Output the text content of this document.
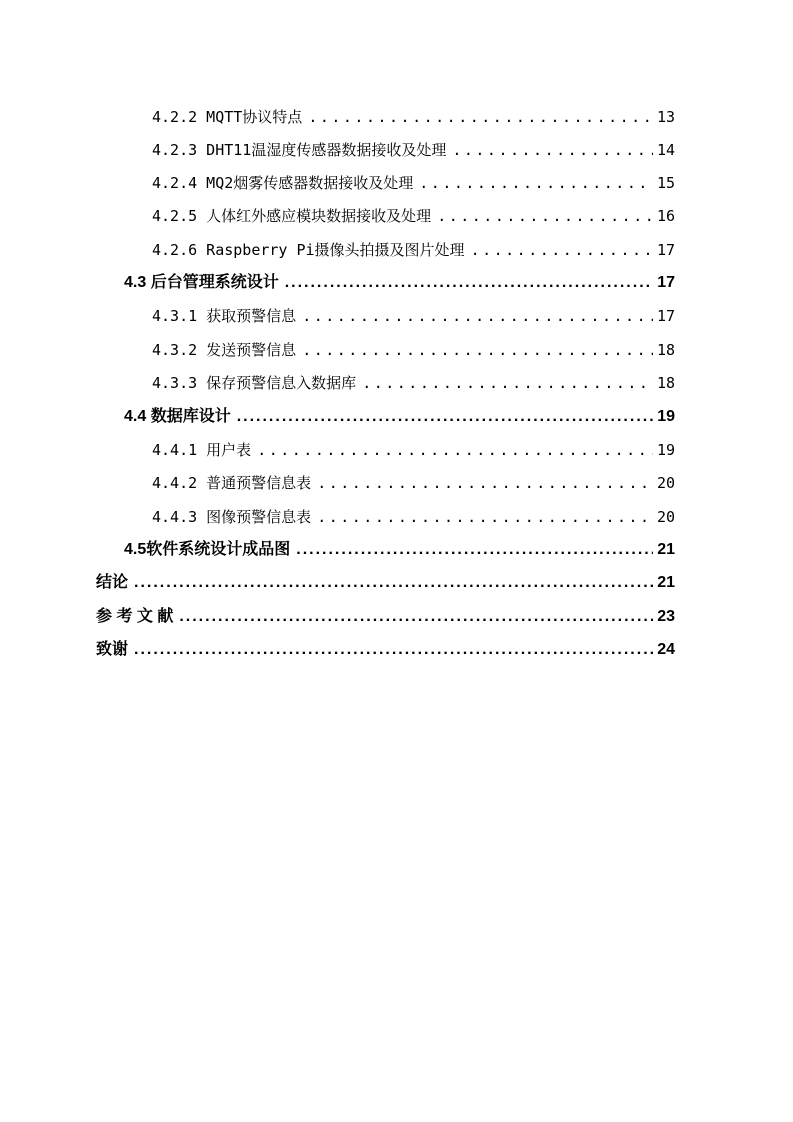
4.2.2 MQTT协议特点 .....	13
4.2.3 DHT11温湿度传感器数据接收及处理 .....	14
4.2.4 MQ2烟雾传感器数据接收及处理 .....	15
4.2.5 人体红外感应模块数据接收及处理 .....	16
4.2.6 Raspberry Pi摄像头拍摄及图片处理 .....	17
4.3 后台管理系统设计 .....	17
4.3.1 获取预警信息 .....	17
4.3.2 发送预警信息 .....	18
4.3.3 保存预警信息入数据库 .....	18
4.4 数据库设计 .....	19
4.4.1 用户表 .....	19
4.4.2 普通预警信息表 .....	20
4.4.3 图像预警信息表 .....	20
4.5软件系统设计成品图 .....	21
结论 .....	21
参 考 文 献 .....	23
致谢 .....	24
